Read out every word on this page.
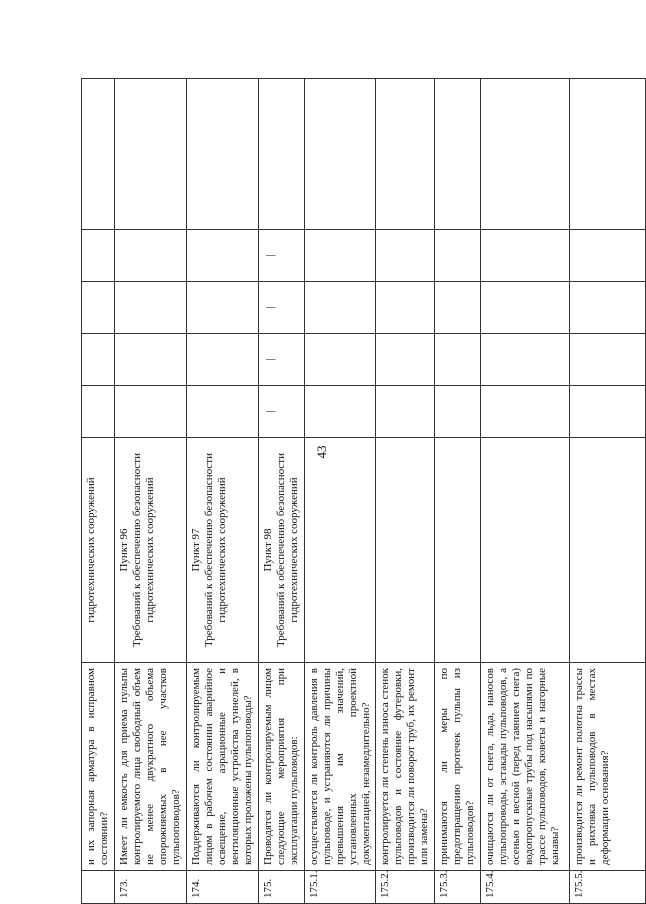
43
	и их запорная арматура в исправном состоянии?	гидротехнических сооружений					

173.	Имеет ли емкость для приема пульпы контролируемого лица свободный объем не менее двукратного объема опорожняемых в нее участков пульпоповодов?	Пункт 96 Требований к обеспечению безопасности гидротехнических сооружений					

174.	Поддерживаются ли контролируемым лицом в рабочем состоянии аварийное освещение, аэрационные и вентиляционные устройства туннелей, в которых проложены пульпоповоды?	Пункт 97 Требований к обеспечению безопасности гидротехнических сооружений					

175.	Проводятся ли контролируемым лицом следующие мероприятия при эксплуатации пульповодов:	Пункт 98 Требований к обеспечению безопасности гидротехнических сооружений	|	|	|	|	

175.1.	осуществляется ли контроль давления в пульповоде, и устраняются ли причины превышения им значений, установленных проектной документацией, незамедлительно?	

175.2.	контролируется ли степень износа стенок пульповодов и состояние футеровки, производится ли поворот труб, их ремонт или замена?	

175.3.	принимаются ли меры по предотвращению протечек пульпы из пульповодов?	

175.4.	очищаются ли от снега, льда, наносов пульпопроводы, эстакады пульповодов, а осенью и весной (перед таянием снега) водопропускные трубы под насыпями по трассе пульповодов, кюветы и нагорные канавы?	

175.5.	производится ли ремонт полотна трассы и рихтовка пульповодов в местах деформации основания?	
